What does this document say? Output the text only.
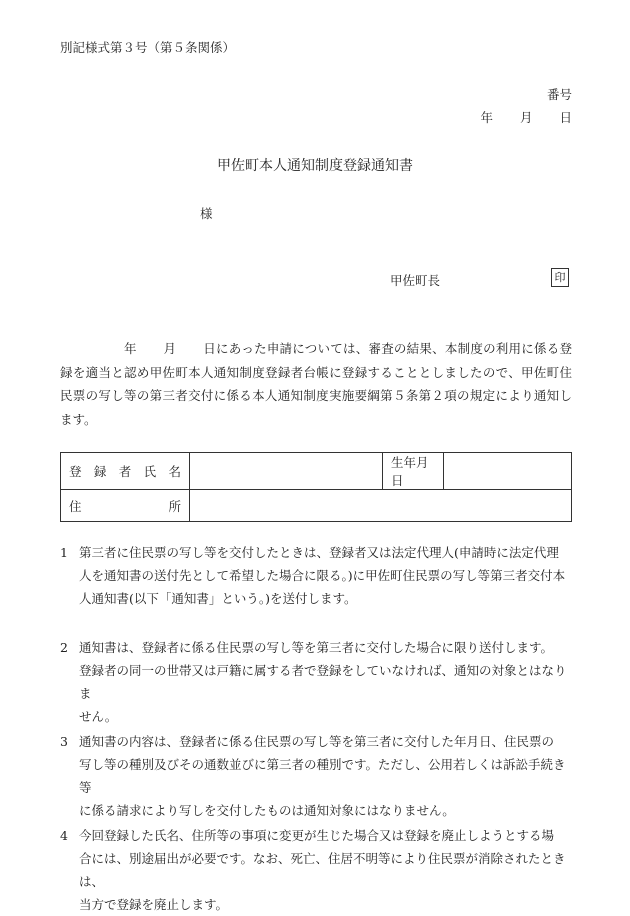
別記様式第３号（第５条関係）
番号
年 月 日
甲佐町本人通知制度登録通知書
様
甲佐町長	印
年 月 日にあった申請については、審査の結果、本制度の利用に係る登録を適当と認め甲佐町本人通知制度登録者台帳に登録することとしましたので、甲佐町住民票の写し等の第三者交付に係る本人通知制度実施要綱第５条第２項の規定により通知します。
登 録 者 氏 名		生年月日	

住 所			

1 第三者に住民票の写し等を交付したときは、登録者又は法定代理人(申請時に法定代理
人を通知書の送付先として希望した場合に限る。)に甲佐町住民票の写し等第三者交付本
人通知書(以下「通知書」という。)を送付します。
2 通知書は、登録者に係る住民票の写し等を第三者に交付した場合に限り送付します。
登録者の同一の世帯又は戸籍に属する者で登録をしていなければ、通知の対象とはなりま
せん。
3 通知書の内容は、登録者に係る住民票の写し等を第三者に交付した年月日、住民票の
写し等の種別及びその通数並びに第三者の種別です。ただし、公用若しくは訴訟手続き等
に係る請求により写しを交付したものは通知対象にはなりません。
4 今回登録した氏名、住所等の事項に変更が生じた場合又は登録を廃止しようとする場
合には、別途届出が必要です。なお、死亡、住居不明等により住民票が消除されたときは、
当方で登録を廃止します。
